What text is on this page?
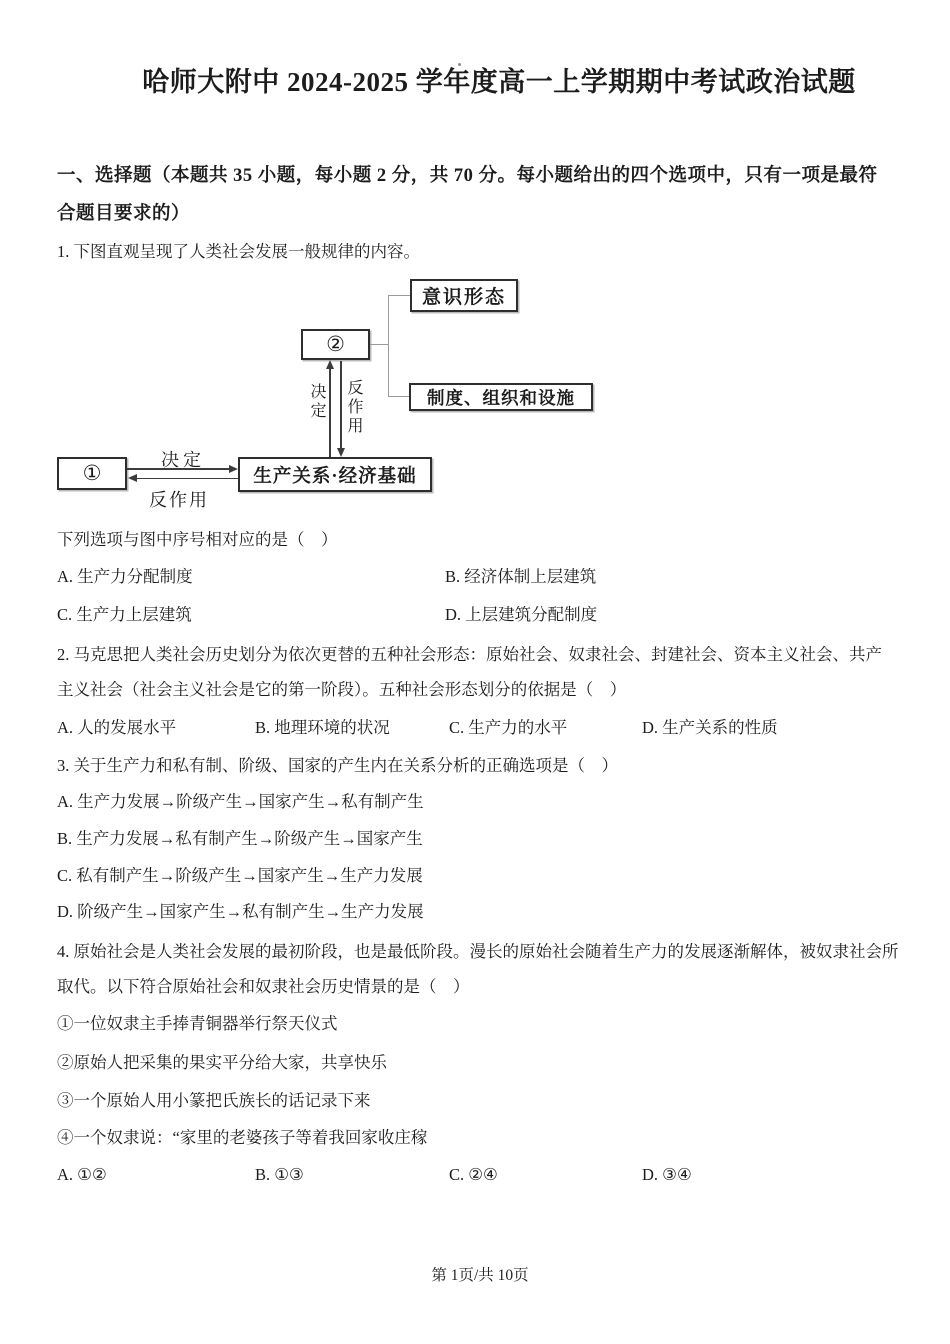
哈师大附中 2024-2025 学年度高一上学期期中考试政治试题
一、选择题（本题共 35 小题，每小题 2 分，共 70 分。每小题给出的四个选项中，只有一项是最符
合题目要求的）
1. 下图直观呈现了人类社会发展一般规律的内容。
意识形态
②
制度、组织和设施
①	生产关系·经济基础
决定 反作用
决定
反作用
下列选项与图中序号相对应的是（    ）
A. 生产力分配制度	B. 经济体制上层建筑
C. 生产力上层建筑	D. 上层建筑分配制度
2. 马克思把人类社会历史划分为依次更替的五种社会形态：原始社会、奴隶社会、封建社会、资本主义社会、共产
主义社会（社会主义社会是它的第一阶段）。五种社会形态划分的依据是（    ）
A. 人的发展水平	B. 地理环境的状况	C. 生产力的水平	D. 生产关系的性质
3. 关于生产力和私有制、阶级、国家的产生内在关系分析的正确选项是（    ）
A. 生产力发展→阶级产生→国家产生→私有制产生
B. 生产力发展→私有制产生→阶级产生→国家产生
C. 私有制产生→阶级产生→国家产生→生产力发展
D. 阶级产生→国家产生→私有制产生→生产力发展
4. 原始社会是人类社会发展的最初阶段，也是最低阶段。漫长的原始社会随着生产力的发展逐渐解体，被奴隶社会所
取代。以下符合原始社会和奴隶社会历史情景的是（    ）
①一位奴隶主手捧青铜器举行祭天仪式
②原始人把采集的果实平分给大家，共享快乐
③一个原始人用小篆把氏族长的话记录下来
④一个奴隶说：“家里的老婆孩子等着我回家收庄稼
A. ①②	B. ①③	C. ②④	D. ③④
第 1页/共 10页
